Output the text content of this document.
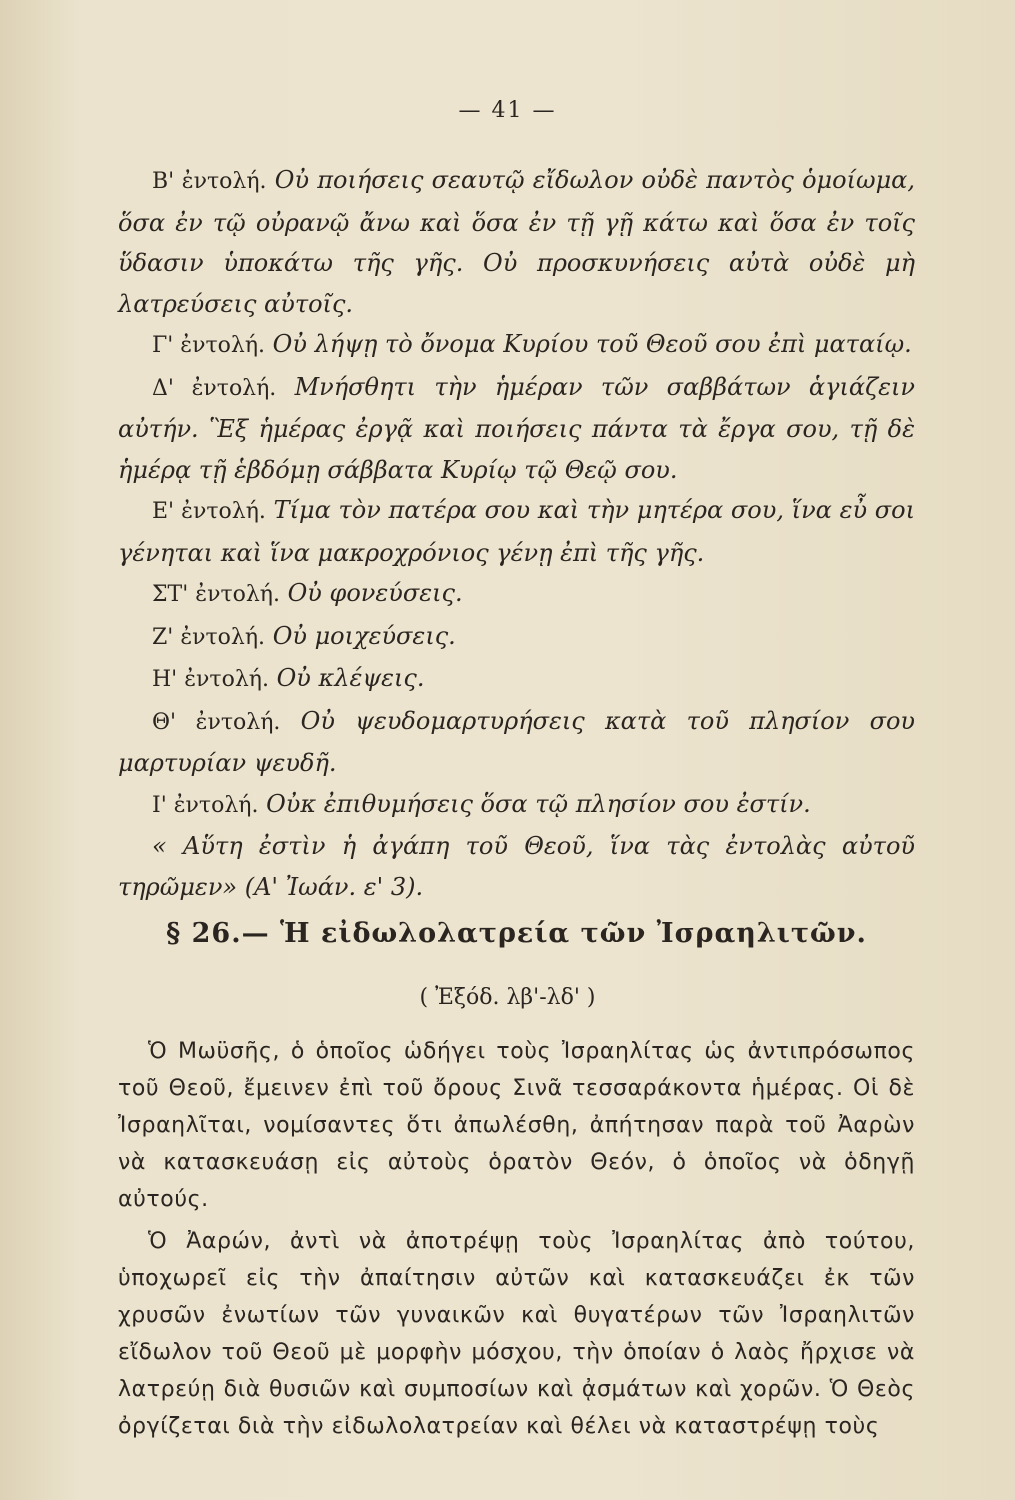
— 41 —

Β' ἐντολή. Οὐ ποιήσεις σεαυτῷ εἴδωλον οὐδὲ παντὸς ὁμοίωμα, ὅσα ἐν τῷ οὐρανῷ ἄνω καὶ ὅσα ἐν τῇ γῇ κάτω καὶ ὅσα ἐν τοῖς ὕδασιν ὑποκάτω τῆς γῆς. Οὐ προσκυνήσεις αὐτὰ οὐδὲ μὴ λατρεύσεις αὐτοῖς.

Γ' ἐντολή. Οὐ λήψῃ τὸ ὄνομα Κυρίου τοῦ Θεοῦ σου ἐπὶ ματαίῳ.

Δ' ἐντολή. Μνήσθητι τὴν ἡμέραν τῶν σαββάτων ἁγιάζειν αὐτήν. Ἓξ ἡμέρας ἐργᾷ καὶ ποιήσεις πάντα τὰ ἔργα σου, τῇ δὲ ἡμέρᾳ τῇ ἑβδόμῃ σάββατα Κυρίῳ τῷ Θεῷ σου.

Ε' ἐντολή. Τίμα τὸν πατέρα σου καὶ τὴν μητέρα σου, ἵνα εὖ σοι γένηται καὶ ἵνα μακροχρόνιος γένῃ ἐπὶ τῆς γῆς.

ΣΤ' ἐντολή. Οὐ φονεύσεις.

Ζ' ἐντολή. Οὐ μοιχεύσεις.

Η' ἐντολή. Οὐ κλέψεις.

Θ' ἐντολή. Οὐ ψευδομαρτυρήσεις κατὰ τοῦ πλησίον σου μαρτυρίαν ψευδῆ.

Ι' ἐντολή. Οὐκ ἐπιθυμήσεις ὅσα τῷ πλησίον σου ἐστίν.

« Αὕτη ἐστὶν ἡ ἀγάπη τοῦ Θεοῦ, ἵνα τὰς ἐντολὰς αὐτοῦ τηρῶμεν» (Α' Ἰωάν. ε' 3).

§ 26.— Ἡ εἰδωλολατρεία τῶν Ἰσραηλιτῶν.
( Ἐξόδ. λβ'-λδ' )

Ὁ Μωϋσῆς, ὁ ὁποῖος ὡδήγει τοὺς Ἰσραηλίτας ὡς ἀντιπρόσωπος τοῦ Θεοῦ, ἔμεινεν ἐπὶ τοῦ ὄρους Σινᾶ τεσσαράκοντα ἡμέρας. Οἱ δὲ Ἰσραηλῖται, νομίσαντες ὅτι ἀπωλέσθη, ἀπήτησαν παρὰ τοῦ Ἀαρὼν νὰ κατασκευάσῃ εἰς αὐτοὺς ὁρατὸν Θεόν, ὁ ὁποῖος νὰ ὁδηγῇ αὐτούς.

Ὁ Ἀαρών, ἀντὶ νὰ ἀποτρέψῃ τοὺς Ἰσραηλίτας ἀπὸ τούτου, ὑποχωρεῖ εἰς τὴν ἀπαίτησιν αὐτῶν καὶ κατασκευάζει ἐκ τῶν χρυσῶν ἐνωτίων τῶν γυναικῶν καὶ θυγατέρων τῶν Ἰσραηλιτῶν εἴδωλον τοῦ Θεοῦ μὲ μορφὴν μόσχου, τὴν ὁποίαν ὁ λαὸς ἤρχισε νὰ λατρεύῃ διὰ θυσιῶν καὶ συμποσίων καὶ ᾀσμάτων καὶ χορῶν. Ὁ Θεὸς ὀργίζεται διὰ τὴν εἰδωλολατρείαν καὶ θέλει νὰ καταστρέψῃ τοὺς
